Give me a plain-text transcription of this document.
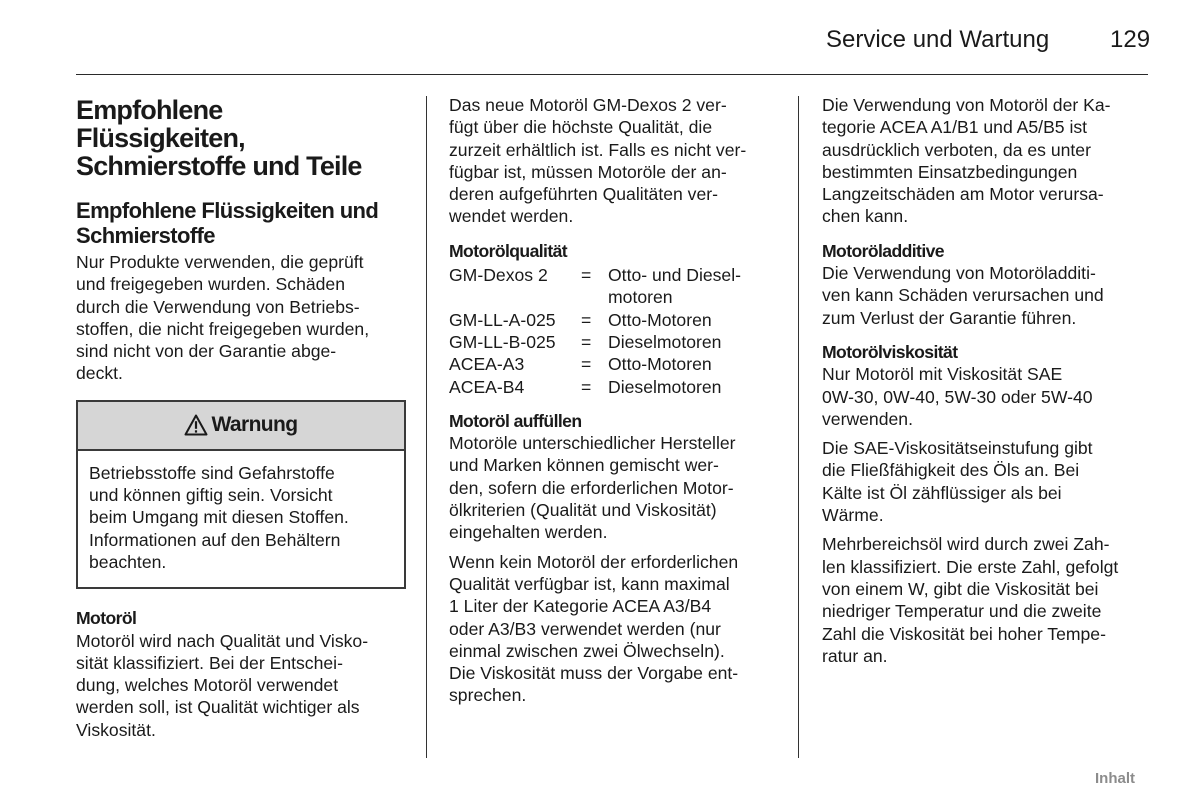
Service und Wartung	129
Empfohlene
Flüssigkeiten,
Schmierstoffe und Teile
Empfohlene Flüssigkeiten und
Schmierstoffe

Nur Produkte verwenden, die geprüft
und freigegeben wurden. Schäden
durch die Verwendung von Betriebs-
stoffen, die nicht freigegeben wurden,
sind nicht von der Garantie abge-
deckt.

Warnung
Betriebsstoffe sind Gefahrstoffe
und können giftig sein. Vorsicht
beim Umgang mit diesen Stoffen.
Informationen auf den Behältern
beachten.
Motoröl

Motoröl wird nach Qualität und Visko-
sität klassifiziert. Bei der Entschei-
dung, welches Motoröl verwendet
werden soll, ist Qualität wichtiger als
Viskosität.

Das neue Motoröl GM-Dexos 2 ver-
fügt über die höchste Qualität, die
zurzeit erhältlich ist. Falls es nicht ver-
fügbar ist, müssen Motoröle der an-
deren aufgeführten Qualitäten ver-
wendet werden.

Motorölqualität
GM-Dexos 2	=	Otto- und Diesel-
motoren
GM-LL-A-025	=	Otto-Motoren
GM-LL-B-025	=	Dieselmotoren
ACEA-A3	=	Otto-Motoren
ACEA-B4	=	Dieselmotoren
Motoröl auffüllen

Motoröle unterschiedlicher Hersteller
und Marken können gemischt wer-
den, sofern die erforderlichen Motor-
ölkriterien (Qualität und Viskosität)
eingehalten werden.

Wenn kein Motoröl der erforderlichen
Qualität verfügbar ist, kann maximal
1 Liter der Kategorie ACEA A3/B4
oder A3/B3 verwendet werden (nur
einmal zwischen zwei Ölwechseln).
Die Viskosität muss der Vorgabe ent-
sprechen.

Die Verwendung von Motoröl der Ka-
tegorie ACEA A1/B1 und A5/B5 ist
ausdrücklich verboten, da es unter
bestimmten Einsatzbedingungen
Langzeitschäden am Motor verursa-
chen kann.

Motoröladditive

Die Verwendung von Motoröladditi-
ven kann Schäden verursachen und
zum Verlust der Garantie führen.

Motorölviskosität

Nur Motoröl mit Viskosität SAE
0W-30, 0W-40, 5W-30 oder 5W-40
verwenden.

Die SAE-Viskositätseinstufung gibt
die Fließfähigkeit des Öls an. Bei
Kälte ist Öl zähflüssiger als bei
Wärme.

Mehrbereichsöl wird durch zwei Zah-
len klassifiziert. Die erste Zahl, gefolgt
von einem W, gibt die Viskosität bei
niedriger Temperatur und die zweite
Zahl die Viskosität bei hoher Tempe-
ratur an.

Inhalt
